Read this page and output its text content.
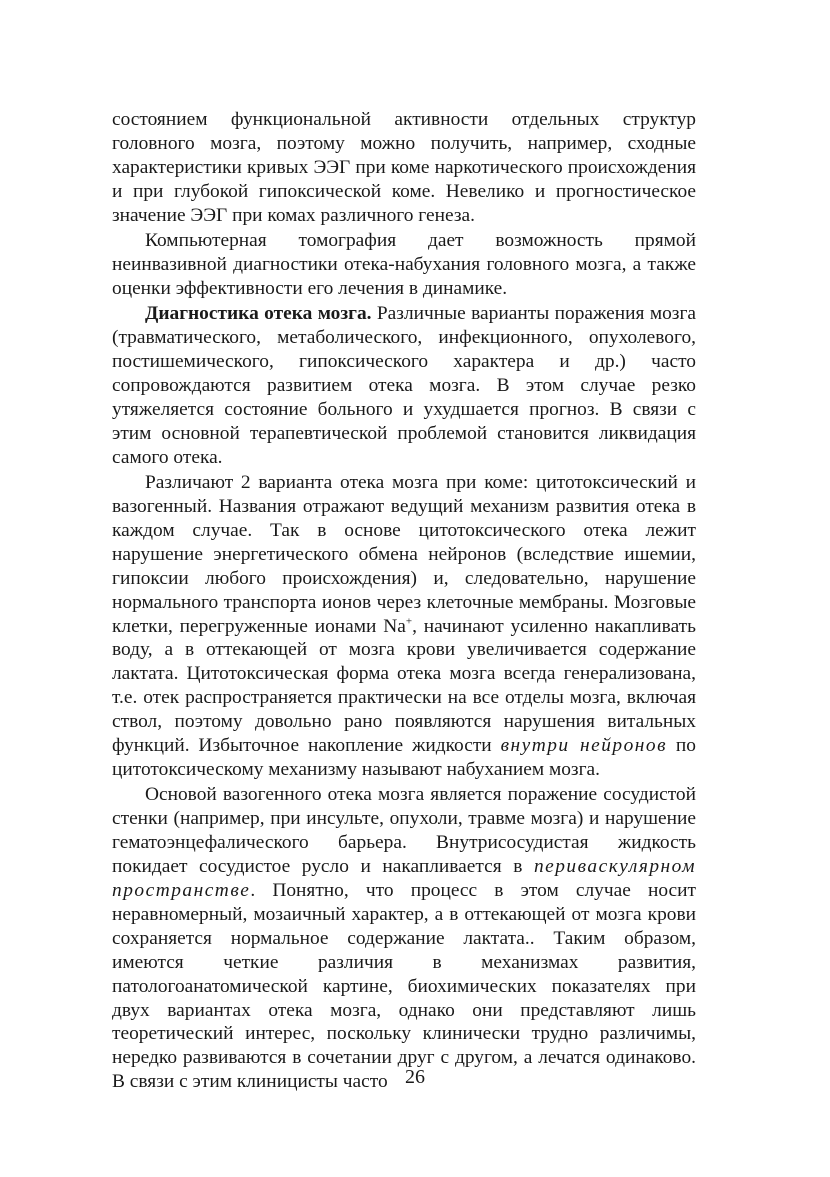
состоянием функциональной активности отдельных структур головного мозга, поэтому можно получить, например, сходные характеристики кривых ЭЭГ при коме наркотического происхождения и при глубокой гипоксической коме. Невелико и прогностическое значение ЭЭГ при комах различного генеза.

Компьютерная томография дает возможность прямой неинвазивной диагностики отека-набухания головного мозга, а также оценки эффективности его лечения в динамике.

Диагностика отека мозга. Различные варианты поражения мозга (травматического, метаболического, инфекционного, опухолевого, постишемического, гипоксического характера и др.) часто сопровождаются развитием отека мозга. В этом случае резко утяжеляется состояние больного и ухудшается прогноз. В связи с этим основной терапевтической проблемой становится ликвидация самого отека.

Различают 2 варианта отека мозга при коме: цитотоксический и вазогенный. Названия отражают ведущий механизм развития отека в каждом случае. Так в основе цитотоксического отека лежит нарушение энергетического обмена нейронов (вследствие ишемии, гипоксии любого происхождения) и, следовательно, нарушение нормального транспорта ионов через клеточные мембраны. Мозговые клетки, перегруженные ионами Na+, начинают усиленно накапливать воду, а в оттекающей от мозга крови увеличивается содержание лактата. Цитотоксическая форма отека мозга всегда генерализована, т.е. отек распространяется практически на все отделы мозга, включая ствол, поэтому довольно рано появляются нарушения витальных функций. Избыточное накопление жидкости внутри нейронов по цитотоксическому механизму называют набуханием мозга.

Основой вазогенного отека мозга является поражение сосудистой стенки (например, при инсульте, опухоли, травме мозга) и нарушение гематоэнцефалического барьера. Внутрисосудистая жидкость покидает сосудистое русло и накапливается в периваскулярном пространстве. Понятно, что процесс в этом случае носит неравномерный, мозаичный характер, а в оттекающей от мозга крови сохраняется нормальное содержание лактата.. Таким образом, имеются четкие различия в механизмах развития, патологоанатомической картине, биохимических показателях при двух вариантах отека мозга, однако они представляют лишь теоретический интерес, поскольку клинически трудно различимы, нередко развиваются в сочетании друг с другом, а лечатся одинаково. В связи с этим клиницисты часто 26
